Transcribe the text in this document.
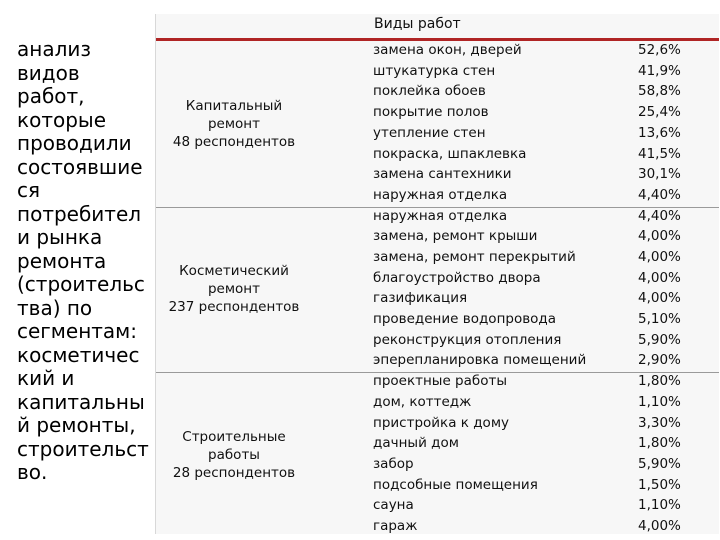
анализ
видов
работ,
которые
проводили
состоявшие
ся
потребител
и рынка
ремонта
(строительс
тва) по
сегментам:
косметичес
кий и
капитальны
й ремонты,
строительст
во.
Виды работ
Капитальный
ремонт
48 респондентов
замена окон, дверей	52,6%
штукатурка стен	41,9%
поклейка обоев	58,8%
покрытие полов	25,4%
утепление стен	13,6%
покраска, шпаклевка	41,5%
замена сантехники	30,1%
наружная отделка	4,40%
Косметический
ремонт
237 респондентов
наружная отделка	4,40%
замена, ремонт крыши	4,00%
замена, ремонт перекрытий	4,00%
благоустройство двора	4,00%
газификация	4,00%
проведение водопровода	5,10%
реконструкция отопления	5,90%
эперепланировка помещений	2,90%
Строительные
работы
28 респондентов
проектные работы	1,80%
дом, коттедж	1,10%
пристройка к дому	3,30%
дачный дом	1,80%
забор	5,90%
подсобные помещения	1,50%
сауна	1,10%
гараж	4,00%
